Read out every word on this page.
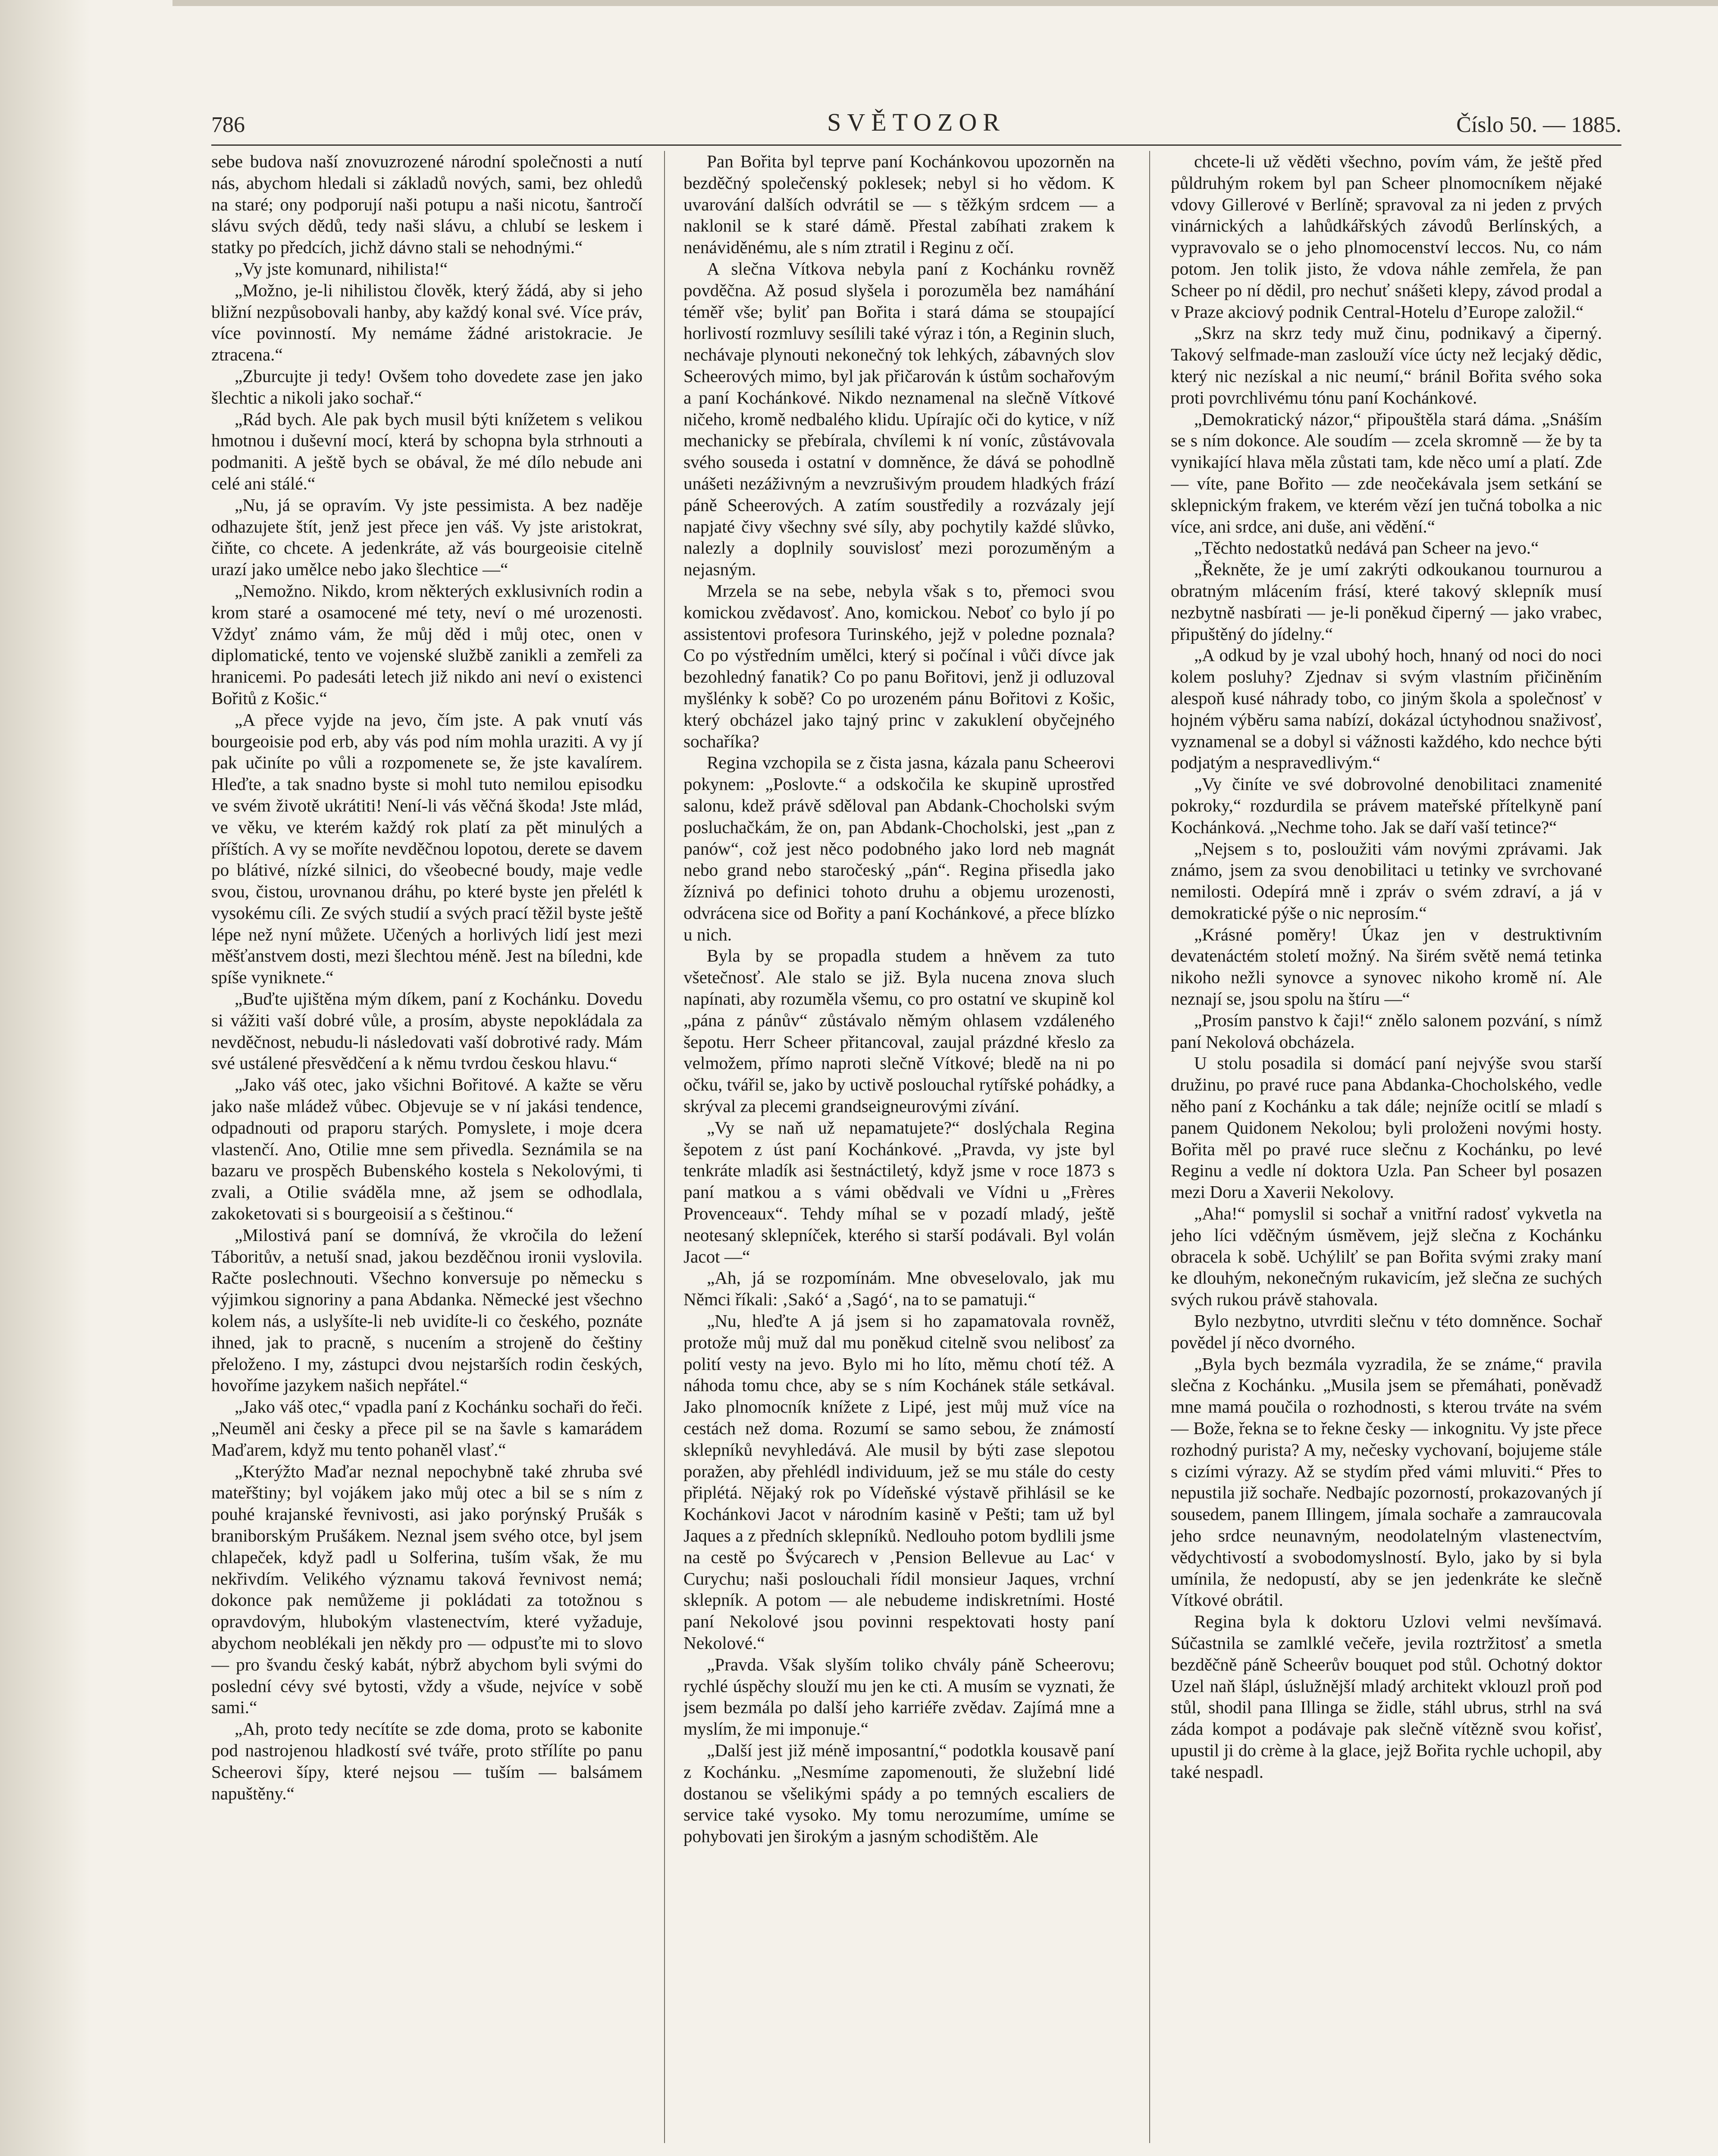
786	SVĚTOZOR	Číslo 50. — 1885.

sebe budova naší znovuzrozené národní společnosti a nutí nás, abychom hledali si základů nových, sami, bez ohledů na staré; ony podporují naši potupu a naši nicotu, šantročí slávu svých dědů, tedy naši slávu, a chlubí se leskem i statky po předcích, jichž dávno stali se nehodnými.“

„Vy jste komunard, nihilista!“

„Možno, je-li nihilistou člověk, který žádá, aby si jeho bližní nezpůsobovali hanby, aby každý konal své. Více práv, více povinností. My nemáme žádné aristokracie. Je ztracena.“

„Zburcujte ji tedy! Ovšem toho dovedete zase jen jako šlechtic a nikoli jako sochař.“

„Rád bych. Ale pak bych musil býti knížetem s velikou hmotnou i duševní mocí, která by schopna byla strhnouti a podmaniti. A ještě bych se obával, že mé dílo nebude ani celé ani stálé.“

„Nu, já se opravím. Vy jste pessimista. A bez naděje odhazujete štít, jenž jest přece jen váš. Vy jste aristokrat, čiňte, co chcete. A jedenkráte, až vás bourgeoisie citelně urazí jako umělce nebo jako šlechtice —“

„Nemožno. Nikdo, krom některých exklusivních rodin a krom staré a osamocené mé tety, neví o mé urozenosti. Vždyť známo vám, že můj děd i můj otec, onen v diplomatické, tento ve vojenské službě zanikli a zemřeli za hranicemi. Po padesáti letech již nikdo ani neví o existenci Bořitů z Košic.“

„A přece vyjde na jevo, čím jste. A pak vnutí vás bourgeoisie pod erb, aby vás pod ním mohla uraziti. A vy jí pak učiníte po vůli a rozpomenete se, že jste kavalírem. Hleďte, a tak snadno byste si mohl tuto nemilou episodku ve svém životě ukrátiti! Není-li vás věčná škoda! Jste mlád, ve věku, ve kterém každý rok platí za pět minulých a příštích. A vy se moříte nevděčnou lopotou, derete se davem po blátivé, nízké silnici, do všeobecné boudy, maje vedle svou, čistou, urovnanou dráhu, po které byste jen přelétl k vysokému cíli. Ze svých studií a svých prací těžil byste ještě lépe než nyní můžete. Učených a horlivých lidí jest mezi měšťanstvem dosti, mezi šlechtou méně. Jest na bíledni, kde spíše vyniknete.“

„Buďte ujištěna mým díkem, paní z Kochánku. Dovedu si vážiti vaší dobré vůle, a prosím, abyste nepokládala za nevděčnost, nebudu-li následovati vaší dobrotivé rady. Mám své ustálené přesvědčení a k němu tvrdou českou hlavu.“

„Jako váš otec, jako všichni Bořitové. A kažte se věru jako naše mládež vůbec. Objevuje se v ní jakási tendence, odpadnouti od praporu starých. Pomyslete, i moje dcera vlastenčí. Ano, Otilie mne sem přivedla. Seznámila se na bazaru ve prospěch Bubenského kostela s Nekolovými, ti zvali, a Otilie sváděla mne, až jsem se odhodlala, zakoketovati si s bourgeoisií a s češtinou.“

„Milostivá paní se domnívá, že vkročila do ležení Táboritův, a netuší snad, jakou bezděčnou ironii vyslovila. Račte poslechnouti. Všechno konversuje po německu s výjimkou signoriny a pana Abdanka. Německé jest všechno kolem nás, a uslyšíte-li neb uvidíte-li co českého, poznáte ihned, jak to pracně, s nucením a strojeně do češtiny přeloženo. I my, zástupci dvou nejstarších rodin českých, hovoříme jazykem našich nepřátel.“

„Jako váš otec,“ vpadla paní z Kochánku sochaři do řeči. „Neuměl ani česky a přece pil se na šavle s kamarádem Maďarem, když mu tento pohaněl vlasť.“

„Kterýžto Maďar neznal nepochybně také zhruba své mateřštiny; byl vojákem jako můj otec a bil se s ním z pouhé krajanské řevnivosti, asi jako porýnský Prušák s braniborským Prušákem. Neznal jsem svého otce, byl jsem chlapeček, když padl u Solferina, tuším však, že mu nekřivdím. Velikého významu taková řevnivost nemá; dokonce pak nemůžeme ji pokládati za totožnou s opravdovým, hlubokým vlastenectvím, které vyžaduje, abychom neoblékali jen někdy pro — odpusťte mi to slovo — pro švandu český kabát, nýbrž abychom byli svými do poslední cévy své bytosti, vždy a všude, nejvíce v sobě sami.“

„Ah, proto tedy necítíte se zde doma, proto se kabonite pod nastrojenou hladkostí své tváře, proto střílíte po panu Scheerovi šípy, které nejsou — tuším — balsámem napuštěny.“

Pan Bořita byl teprve paní Kochánkovou upozorněn na bezděčný společenský poklesek; nebyl si ho vědom. K uvarování dalších odvrátil se — s těžkým srdcem — a naklonil se k staré dámě. Přestal zabíhati zrakem k nenáviděnému, ale s ním ztratil i Reginu z očí.

A slečna Vítkova nebyla paní z Kochánku rovněž povděčna. Až posud slyšela i porozuměla bez namáhání téměř vše; byliť pan Bořita i stará dáma se stoupající horlivostí rozmluvy sesílili také výraz i tón, a Reginin sluch, nechávaje plynouti nekonečný tok lehkých, zábavných slov Scheerových mimo, byl jak přičarován k ústům sochařovým a paní Kochánkové. Nikdo neznamenal na slečně Vítkové ničeho, kromě nedbalého klidu. Upírajíc oči do kytice, v níž mechanicky se přebírala, chvílemi k ní voníc, zůstávovala svého souseda i ostatní v domněnce, že dává se pohodlně unášeti nezáživným a nevzrušivým proudem hladkých frází páně Scheerových. A zatím soustředily a rozvázaly její napjaté čivy všechny své síly, aby pochytily každé slůvko, nalezly a doplnily souvislosť mezi porozuměným a nejasným.

Mrzela se na sebe, nebyla však s to, přemoci svou komickou zvědavosť. Ano, komickou. Neboť co bylo jí po assistentovi profesora Turinského, jejž v poledne poznala? Co po výstředním umělci, který si počínal i vůči dívce jak bezohledný fanatik? Co po panu Bořitovi, jenž ji odluzoval myšlénky k sobě? Co po urozeném pánu Bořitovi z Košic, který obcházel jako tajný princ v zakuklení obyčejného sochaříka?

Regina vzchopila se z čista jasna, kázala panu Scheerovi pokynem: „Poslovte.“ a odskočila ke skupině uprostřed salonu, kdež právě sděloval pan Abdank-Chocholski svým posluchačkám, že on, pan Abdank-Chocholski, jest „pan z panów“, což jest něco podobného jako lord neb magnát nebo grand nebo staročeský „pán“. Regina přisedla jako žíznivá po definici tohoto druhu a objemu urozenosti, odvrácena sice od Bořity a paní Kochánkové, a přece blízko u nich.

Byla by se propadla studem a hněvem za tuto všetečnosť. Ale stalo se již. Byla nucena znova sluch napínati, aby rozuměla všemu, co pro ostatní ve skupině kol „pána z pánův“ zůstávalo němým ohlasem vzdáleného šepotu. Herr Scheer přitancoval, zaujal prázdné křeslo za velmožem, přímo naproti slečně Vítkové; bledě na ni po očku, tvářil se, jako by uctivě poslouchal rytířské pohádky, a skrýval za plecemi grandseigneurovými zívání.

„Vy se naň už nepamatujete?“ doslýchala Regina šepotem z úst paní Kochánkové. „Pravda, vy jste byl tenkráte mladík asi šestnáctiletý, když jsme v roce 1873 s paní matkou a s vámi obědvali ve Vídni u „Frères Provenceaux“. Tehdy míhal se v pozadí mladý, ještě neotesaný sklepníček, kterého si starší podávali. Byl volán Jacot —“

„Ah, já se rozpomínám. Mne obveselovalo, jak mu Němci říkali: ‚Sakó‘ a ‚Sagó‘, na to se pamatuji.“

„Nu, hleďte A já jsem si ho zapamatovala rovněž, protože můj muž dal mu poněkud citelně svou nelibosť za polití vesty na jevo. Bylo mi ho líto, měmu chotí též. A náhoda tomu chce, aby se s ním Kochánek stále setkával. Jako plnomocník knížete z Lipé, jest můj muž více na cestách než doma. Rozumí se samo sebou, že známostí sklepníků nevyhledává. Ale musil by býti zase slepotou poražen, aby přehlédl individuum, jež se mu stále do cesty připlétá. Nějaký rok po Vídeňské výstavě přihlásil se ke Kochánkovi Jacot v národním kasině v Pešti; tam už byl Jaques a z předních sklepníků. Nedlouho potom bydlili jsme na cestě po Švýcarech v ‚Pension Bellevue au Lac‘ v Curychu; naši poslouchali řídil monsieur Jaques, vrchní sklepník. A potom — ale nebudeme indiskretními. Hosté paní Nekolové jsou povinni respektovati hosty paní Nekolové.“

„Pravda. Však slyším toliko chvály páně Scheerovu; rychlé úspěchy slouží mu jen ke cti. A musím se vyznati, že jsem bezmála po další jeho karriéře zvědav. Zajímá mne a myslím, že mi imponuje.“

„Další jest již méně imposantní,“ podotkla kousavě paní z Kochánku. „Nesmíme zapomenouti, že služební lidé dostanou se všelikými spády a po temných escaliers de service také vysoko. My tomu nerozumíme, umíme se pohybovati jen širokým a jasným schodištěm. Ale

chcete-li už věděti všechno, povím vám, že ještě před půldruhým rokem byl pan Scheer plnomocníkem nějaké vdovy Gillerové v Berlíně; spravoval za ni jeden z prvých vinárnických a lahůdkářských závodů Berlínských, a vypravovalo se o jeho plnomocenství leccos. Nu, co nám potom. Jen tolik jisto, že vdova náhle zemřela, že pan Scheer po ní dědil, pro nechuť snášeti klepy, závod prodal a v Praze akciový podnik Central-Hotelu d’Europe založil.“

„Skrz na skrz tedy muž činu, podnikavý a čiperný. Takový selfmade-man zaslouží více úcty než lecjaký dědic, který nic nezískal a nic neumí,“ bránil Bořita svého soka proti povrchlivému tónu paní Kochánkové.

„Demokratický názor,“ připouštěla stará dáma. „Snáším se s ním dokonce. Ale soudím — zcela skromně — že by ta vynikající hlava měla zůstati tam, kde něco umí a platí. Zde — víte, pane Bořito — zde neočekávala jsem setkání se sklepnickým frakem, ve kterém vězí jen tučná tobolka a nic více, ani srdce, ani duše, ani vědění.“

„Těchto nedostatků nedává pan Scheer na jevo.“

„Řekněte, že je umí zakrýti odkoukanou tournurou a obratným mlácením frásí, které takový sklepník musí nezbytně nasbírati — je-li poněkud čiperný — jako vrabec, připuštěný do jídelny.“

„A odkud by je vzal ubohý hoch, hnaný od noci do noci kolem posluhy? Zjednav si svým vlastním přičiněním alespoň kusé náhrady tobo, co jiným škola a společnosť v hojném výběru sama nabízí, dokázal úctyhodnou snaživosť, vyznamenal se a dobyl si vážnosti každého, kdo nechce býti podjatým a nespravedlivým.“

„Vy činíte ve své dobrovolné denobilitaci znamenité pokroky,“ rozdurdila se právem mateřské přítelkyně paní Kochánková. „Nechme toho. Jak se daří vaší tetince?“

„Nejsem s to, posloužiti vám novými zprávami. Jak známo, jsem za svou denobilitaci u tetinky ve svrchované nemilosti. Odepírá mně i zpráv o svém zdraví, a já v demokratické pýše o nic neprosím.“

„Krásné poměry! Úkaz jen v destruktivním devatenáctém století možný. Na širém světě nemá tetinka nikoho nežli synovce a synovec nikoho kromě ní. Ale neznají se, jsou spolu na štíru —“

„Prosím panstvo k čaji!“ znělo salonem pozvání, s nímž paní Nekolová obcházela.

U stolu posadila si domácí paní nejvýše svou starší družinu, po pravé ruce pana Abdanka-Chocholského, vedle něho paní z Kochánku a tak dále; nejníže ocitlí se mladí s panem Quidonem Nekolou; byli proloženi novými hosty. Bořita měl po pravé ruce slečnu z Kochánku, po levé Reginu a vedle ní doktora Uzla. Pan Scheer byl posazen mezi Doru a Xaverii Nekolovy.

„Aha!“ pomyslil si sochař a vnitřní radosť vykvetla na jeho líci vděčným úsměvem, jejž slečna z Kochánku obracela k sobě. Uchýlilť se pan Bořita svými zraky maní ke dlouhým, nekonečným rukavicím, jež slečna ze suchých svých rukou právě stahovala.

Bylo nezbytno, utvrditi slečnu v této domněnce. Sochař povědel jí něco dvorného.

„Byla bych bezmála vyzradila, že se známe,“ pravila slečna z Kochánku. „Musila jsem se přemáhati, poněvadž mne mamá poučila o rozhodnosti, s kterou trváte na svém — Bože, řekna se to řekne česky — inkognitu. Vy jste přece rozhodný purista? A my, nečesky vychovaní, bojujeme stále s cizími výrazy. Až se stydím před vámi mluviti.“ Přes to nepustila již sochaře. Nedbajíc pozorností, prokazovaných jí sousedem, panem Illingem, jímala sochaře a zamraucovala jeho srdce neunavným, neodolatelným vlastenectvím, vědychtivostí a svobodomyslností. Bylo, jako by si byla umínila, že nedopustí, aby se jen jedenkráte ke slečně Vítkové obrátil.

Regina byla k doktoru Uzlovi velmi nevšímavá. Súčastnila se zamlklé večeře, jevila roztržitosť a smetla bezděčně páně Scheerův bouquet pod stůl. Ochotný doktor Uzel naň šlápl, úslužnější mladý architekt vklouzl proň pod stůl, shodil pana Illinga se židle, stáhl ubrus, strhl na svá záda kompot a podávaje pak slečně vítězně svou kořisť, upustil ji do crème à la glace, jejž Bořita rychle uchopil, aby také nespadl.
